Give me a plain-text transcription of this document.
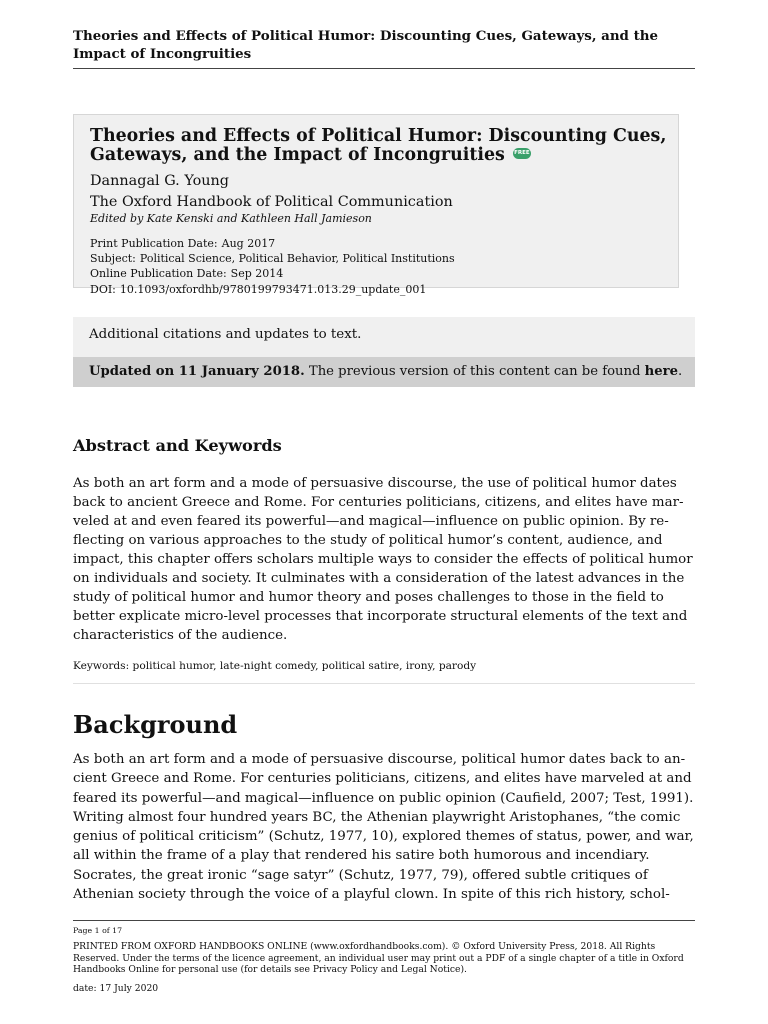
Theories and Effects of Political Humor: Discounting Cues, Gateways, and the Impact of Incongruities
Theories and Effects of Political Humor: Discounting Cues, Gateways, and the Impact of Incongruities FREE
Dannagal G. Young
The Oxford Handbook of Political Communication
Edited by Kate Kenski and Kathleen Hall Jamieson
Print Publication Date: Aug 2017
Subject: Political Science, Political Behavior, Political Institutions
Online Publication Date: Sep 2014
DOI: 10.1093/oxfordhb/9780199793471.013.29_update_001
Additional citations and updates to text.
Updated on 11 January 2018. The previous version of this content can be found here.
Abstract and Keywords
As both an art form and a mode of persuasive discourse, the use of political humor dates back to ancient Greece and Rome. For centuries politicians, citizens, and elites have marveled at and even feared its powerful—and magical—influence on public opinion. By reflecting on various approaches to the study of political humor’s content, audience, and impact, this chapter offers scholars multiple ways to consider the effects of political humor on individuals and society. It culminates with a consideration of the latest advances in the study of political humor and humor theory and poses challenges to those in the field to better explicate micro-level processes that incorporate structural elements of the text and characteristics of the audience.
Keywords: political humor, late-night comedy, political satire, irony, parody
Background
As both an art form and a mode of persuasive discourse, political humor dates back to ancient Greece and Rome. For centuries politicians, citizens, and elites have marveled at and feared its powerful—and magical—influence on public opinion (Caufield, 2007; Test, 1991). Writing almost four hundred years BC, the Athenian playwright Aristophanes, “the comic genius of political criticism” (Schutz, 1977, 10), explored themes of status, power, and war, all within the frame of a play that rendered his satire both humorous and incendiary. Socrates, the great ironic “sage satyr” (Schutz, 1977, 79), offered subtle critiques of Athenian society through the voice of a playful clown. In spite of this rich history, schol-
Page 1 of 17
PRINTED FROM OXFORD HANDBOOKS ONLINE (www.oxfordhandbooks.com). © Oxford University Press, 2018. All Rights Reserved. Under the terms of the licence agreement, an individual user may print out a PDF of a single chapter of a title in Oxford Handbooks Online for personal use (for details see Privacy Policy and Legal Notice).
date: 17 July 2020
